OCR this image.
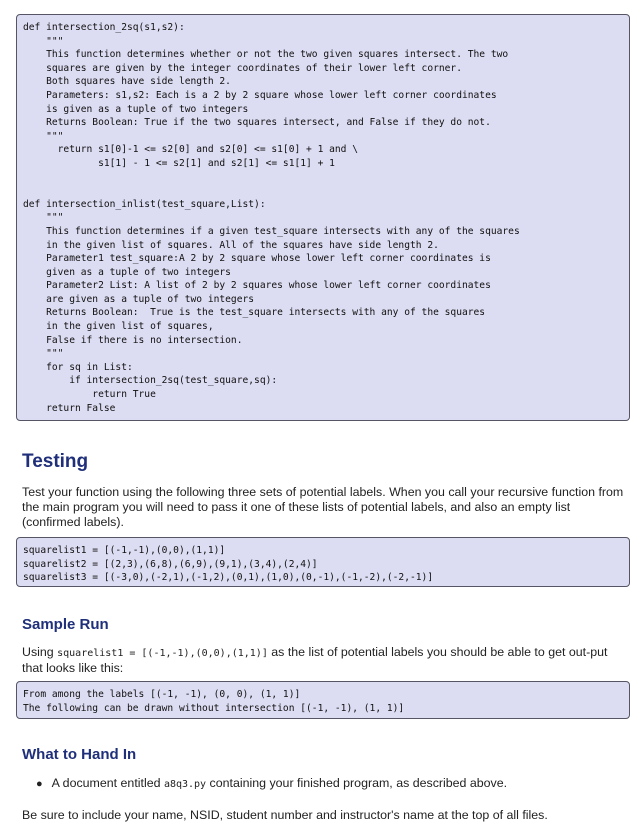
def intersection_2sq(s1,s2):
"""
This function determines whether or not the two given squares intersect. The two
squares are given by the integer coordinates of their lower left corner.
Both squares have side length 2.
Parameters: s1,s2: Each is a 2 by 2 square whose lower left corner coordinates
is given as a tuple of two integers
Returns Boolean: True if the two squares intersect, and False if they do not.
"""
return s1[0]-1 <= s2[0] and s2[0] <= s1[0] + 1 and \
s1[1] - 1 <= s2[1] and s2[1] <= s1[1] + 1
def intersection_inlist(test_square,List):
"""
This function determines if a given test_square intersects with any of the squares
in the given list of squares. All of the squares have side length 2.
Parameter1 test_square:A 2 by 2 square whose lower left corner coordinates is
given as a tuple of two integers
Parameter2 List: A list of 2 by 2 squares whose lower left corner coordinates
are given as a tuple of two integers
Returns Boolean:  True is the test_square intersects with any of the squares
in the given list of squares,
False if there is no intersection.
"""
for sq in List:
if intersection_2sq(test_square,sq):
return True
return False
Testing

Test your function using the following three sets of potential labels. When you call your recursive function from the main program you will need to pass it one of these lists of potential labels, and also an empty list (confirmed labels).

squarelist1 = [(-1,-1),(0,0),(1,1)]
squarelist2 = [(2,3),(6,8),(6,9),(9,1),(3,4),(2,4)]
squarelist3 = [(-3,0),(-2,1),(-1,2),(0,1),(1,0),(0,-1),(-1,-2),(-2,-1)]
Sample Run

Using squarelist1 = [(-1,-1),(0,0),(1,1)] as the list of potential labels you should be able to get out-put that looks like this:

From among the labels [(-1, -1), (0, 0), (1, 1)]
The following can be drawn without intersection [(-1, -1), (1, 1)]
What to Hand In
● A document entitled a8q3.py containing your finished program, as described above.

Be sure to include your name, NSID, student number and instructor's name at the top of all files.
